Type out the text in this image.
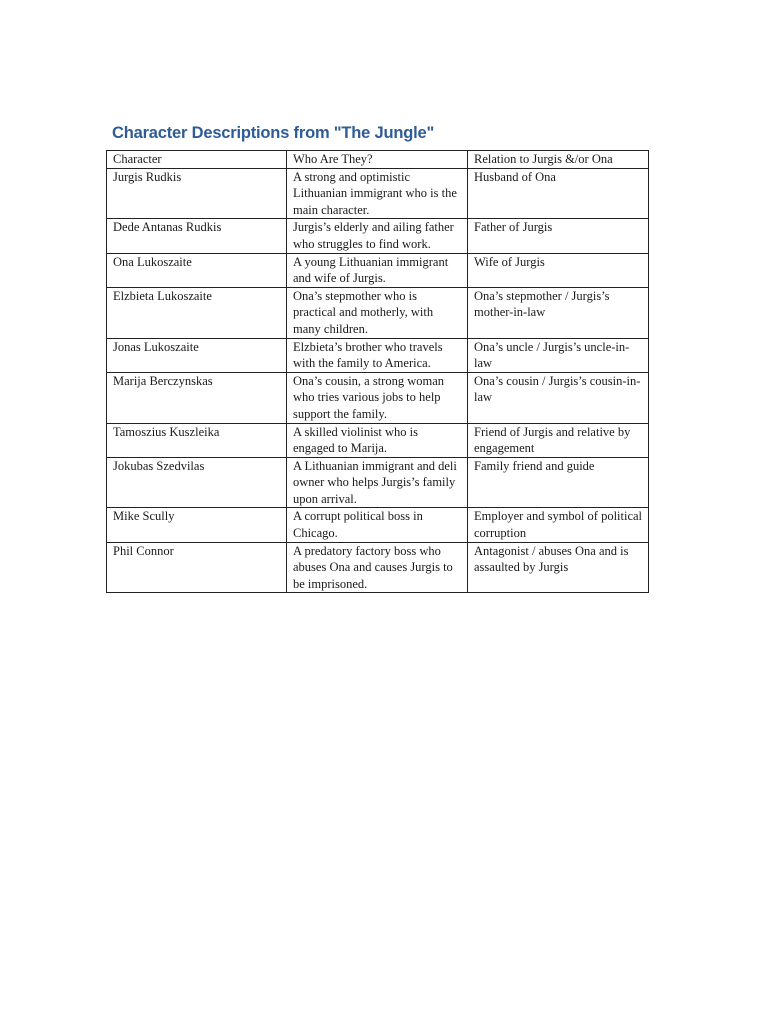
Character Descriptions from "The Jungle"
Character	Who Are They?	Relation to Jurgis &/or Ona
Jurgis Rudkis	A strong and optimistic Lithuanian immigrant who is the main character.	Husband of Ona
Dede Antanas Rudkis	Jurgis’s elderly and ailing father who struggles to find work.	Father of Jurgis
Ona Lukoszaite	A young Lithuanian immigrant and wife of Jurgis.	Wife of Jurgis
Elzbieta Lukoszaite	Ona’s stepmother who is practical and motherly, with many children.	Ona’s stepmother / Jurgis’s mother-in-law
Jonas Lukoszaite	Elzbieta’s brother who travels with the family to America.	Ona’s uncle / Jurgis’s uncle-in-law
Marija Berczynskas	Ona’s cousin, a strong woman who tries various jobs to help support the family.	Ona’s cousin / Jurgis’s cousin-in-law
Tamoszius Kuszleika	A skilled violinist who is engaged to Marija.	Friend of Jurgis and relative by engagement
Jokubas Szedvilas	A Lithuanian immigrant and deli owner who helps Jurgis’s family upon arrival.	Family friend and guide
Mike Scully	A corrupt political boss in Chicago.	Employer and symbol of political corruption
Phil Connor	A predatory factory boss who abuses Ona and causes Jurgis to be imprisoned.	Antagonist / abuses Ona and is assaulted by Jurgis
